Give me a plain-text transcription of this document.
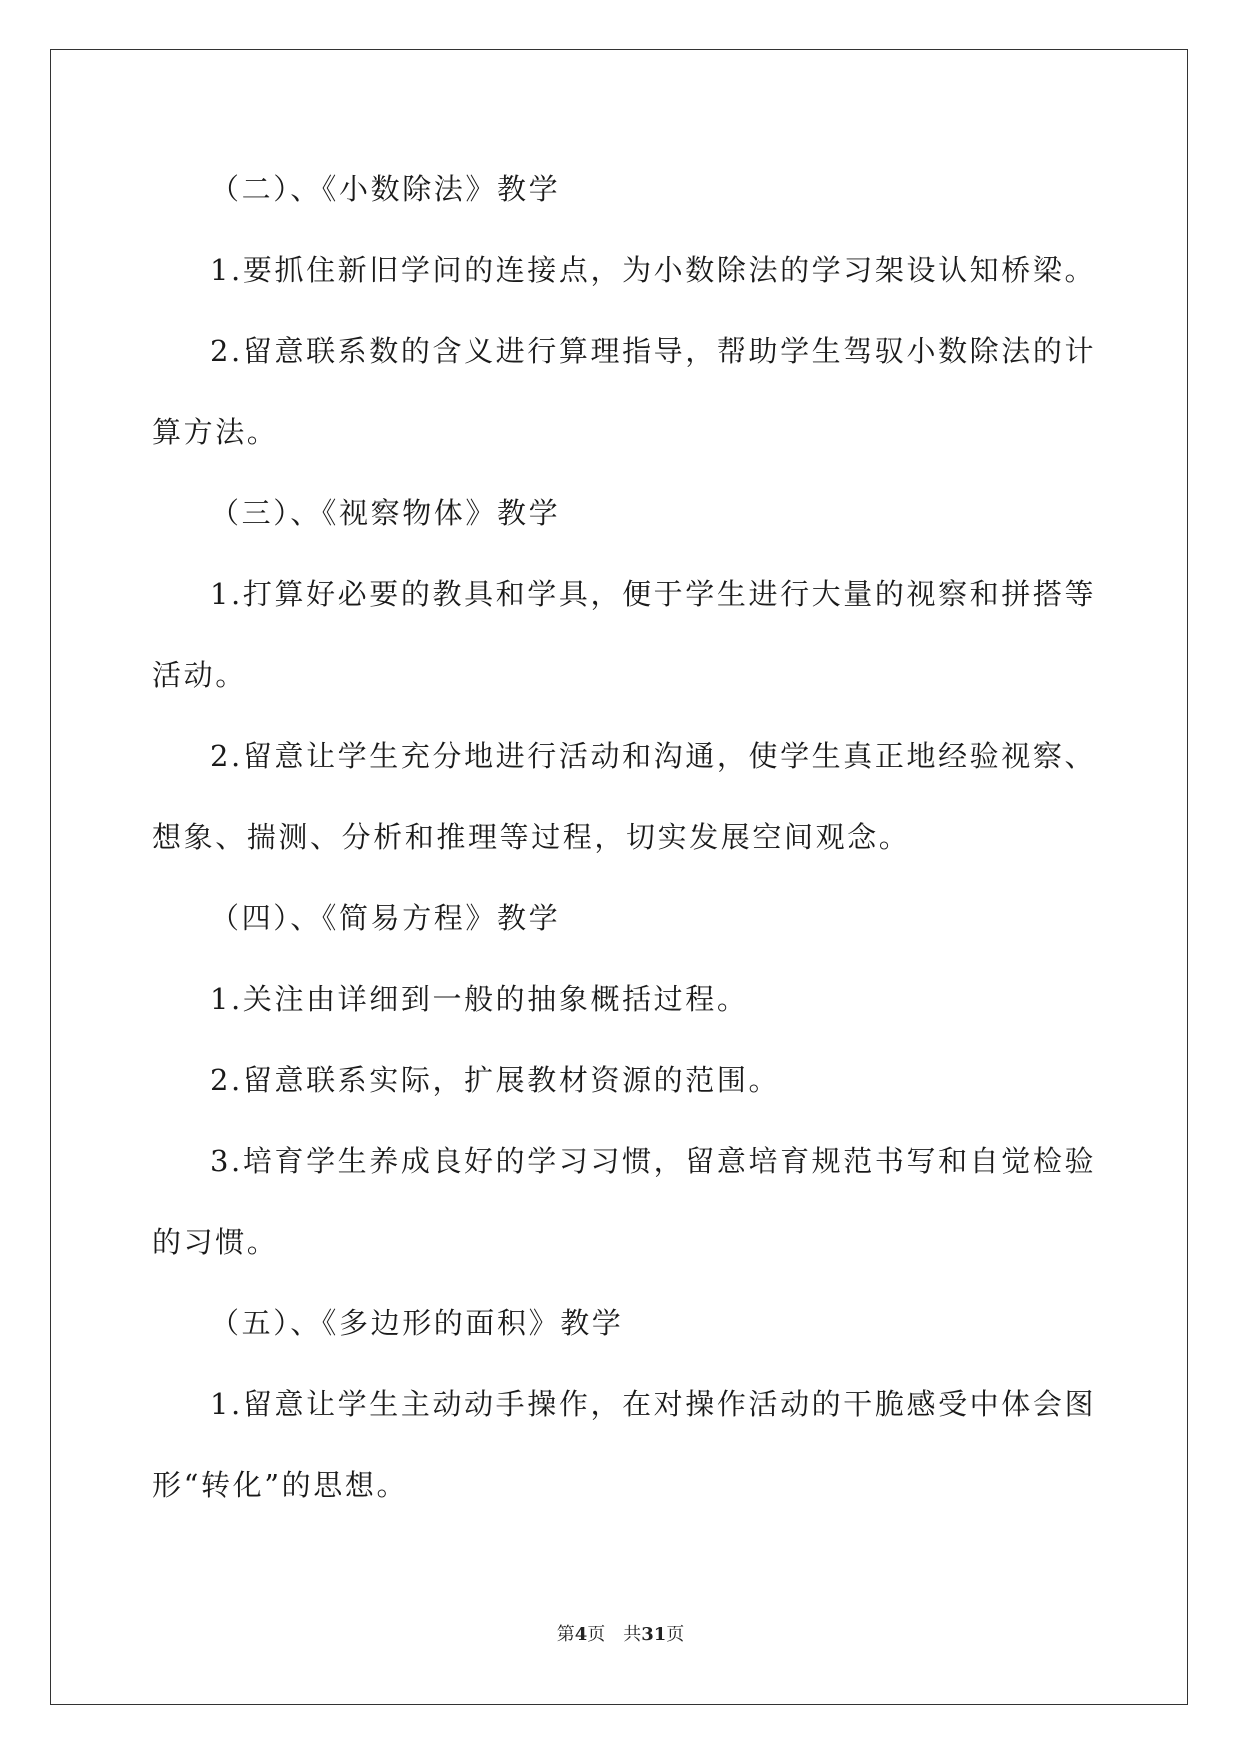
（二）、《小数除法》教学
1.要抓住新旧学问的连接点，为小数除法的学习架设认知桥梁。
2.留意联系数的含义进行算理指导，帮助学生驾驭小数除法的计
算方法。
（三）、《视察物体》教学
1.打算好必要的教具和学具，便于学生进行大量的视察和拼搭等
活动。
2.留意让学生充分地进行活动和沟通，使学生真正地经验视察、
想象、揣测、分析和推理等过程，切实发展空间观念。
（四）、《简易方程》教学
1.关注由详细到一般的抽象概括过程。
2.留意联系实际，扩展教材资源的范围。
3.培育学生养成良好的学习习惯，留意培育规范书写和自觉检验
的习惯。
（五）、《多边形的面积》教学
1.留意让学生主动动手操作，在对操作活动的干脆感受中体会图
形“转化”的思想。
第4页　共31页
